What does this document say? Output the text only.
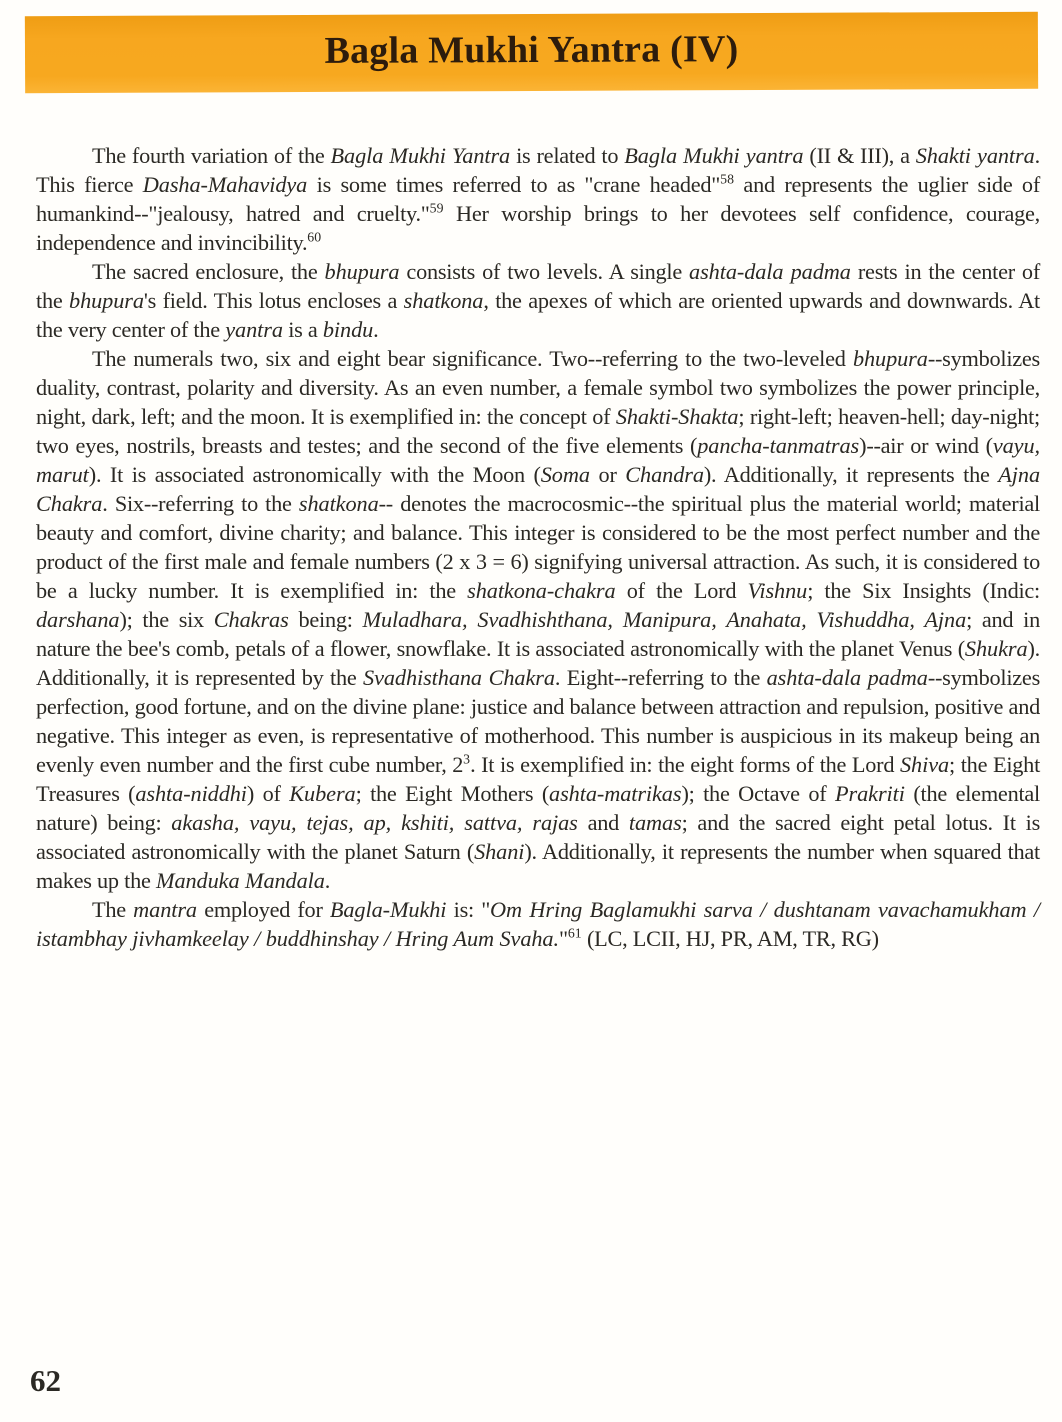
Bagla Mukhi Yantra (IV)

The fourth variation of the Bagla Mukhi Yantra is related to Bagla Mukhi yantra (II & III), a Shakti yantra. This fierce Dasha-Mahavidya is some times referred to as "crane headed"$^{58}$ and represents the uglier side of humankind--"jealousy, hatred and cruelty."$^{59}$ Her worship brings to her devotees self confidence, courage, independence and invincibility.$^{60}$

The sacred enclosure, the bhupura consists of two levels. A single ashta-dala padma rests in the center of the bhupura's field. This lotus encloses a shatkona, the apexes of which are oriented upwards and downwards. At the very center of the yantra is a bindu.

The numerals two, six and eight bear significance. Two--referring to the two-leveled bhupura--symbolizes duality, contrast, polarity and diversity. As an even number, a female symbol two symbolizes the power principle, night, dark, left; and the moon. It is exemplified in: the concept of Shakti-Shakta; right-left; heaven-hell; day-night; two eyes, nostrils, breasts and testes; and the second of the five elements (pancha-tanmatras)--air or wind (vayu, marut). It is associated astronomically with the Moon (Soma or Chandra). Additionally, it represents the Ajna Chakra. Six--referring to the shatkona-- denotes the macrocosmic--the spiritual plus the material world; material beauty and comfort, divine charity; and balance. This integer is considered to be the most perfect number and the product of the first male and female numbers (2 x 3 = 6) signifying universal attraction. As such, it is considered to be a lucky number. It is exemplified in: the shatkona-chakra of the Lord Vishnu; the Six Insights (Indic: darshana); the six Chakras being: Muladhara, Svadhishthana, Manipura, Anahata, Vishuddha, Ajna; and in nature the bee's comb, petals of a flower, snowflake. It is associated astronomically with the planet Venus (Shukra). Additionally, it is represented by the Svadhisthana Chakra. Eight--referring to the ashta-dala padma--symbolizes perfection, good fortune, and on the divine plane: justice and balance between attraction and repulsion, positive and negative. This integer as even, is representative of motherhood. This number is auspicious in its makeup being an evenly even number and the first cube number, $2^3$. It is exemplified in: the eight forms of the Lord Shiva; the Eight Treasures (ashta-niddhi) of Kubera; the Eight Mothers (ashta-matrikas); the Octave of Prakriti (the elemental nature) being: akasha, vayu, tejas, ap, kshiti, sattva, rajas and tamas; and the sacred eight petal lotus. It is associated astronomically with the planet Saturn (Shani). Additionally, it represents the number when squared that makes up the Manduka Mandala.

The mantra employed for Bagla-Mukhi is: "Om Hring Baglamukhi sarva / dushtanam vavachamukham / istambhay jivhamkeelay / buddhinshay / Hring Aum Svaha."$^{61}$ (LC, LCII, HJ, PR, AM, TR, RG)

62
